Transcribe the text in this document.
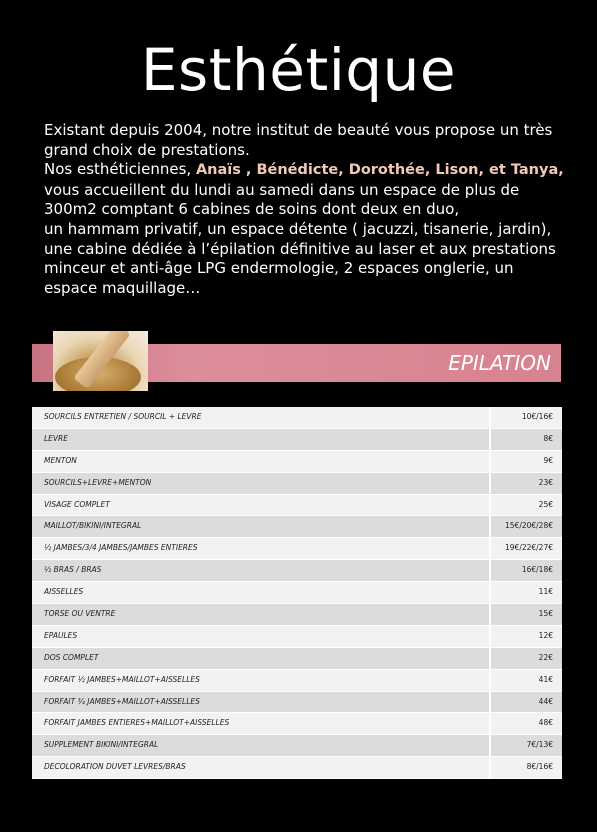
Esthétique
Existant depuis 2004, notre institut de beauté vous propose un très
grand choix de prestations.
Nos esthéticiennes, Anaïs , Bénédicte, Dorothée, Lison, et Tanya,
vous accueillent du lundi au samedi dans un espace de plus de
300m2 comptant 6 cabines de soins dont deux en duo,
un hammam privatif, un espace détente ( jacuzzi, tisanerie, jardin),
une cabine dédiée à l’épilation définitive au laser et aux prestations
minceur et anti-âge LPG endermologie, 2 espaces onglerie, un
espace maquillage…
EPILATION
SOURCILS ENTRETIEN / SOURCIL + LEVRE	10€/16€
LEVRE	8€
MENTON	9€
SOURCILS+LEVRE+MENTON	23€
VISAGE COMPLET	25€
MAILLOT/BIKINI/INTEGRAL	15€/20€/28€
½ JAMBES/3/4 JAMBES/JAMBES ENTIERES	19€/22€/27€
½ BRAS / BRAS	16€/18€
AISSELLES	11€
TORSE OU VENTRE	15€
EPAULES	12€
DOS COMPLET	22€
FORFAIT ½ JAMBES+MAILLOT+AISSELLES	41€
FORFAIT ¾ JAMBES+MAILLOT+AISSELLES	44€
FORFAIT JAMBES ENTIERES+MAILLOT+AISSELLES	48€
SUPPLEMENT BIKINI/INTEGRAL	7€/13€
DECOLORATION DUVET LEVRES/BRAS	8€/16€
